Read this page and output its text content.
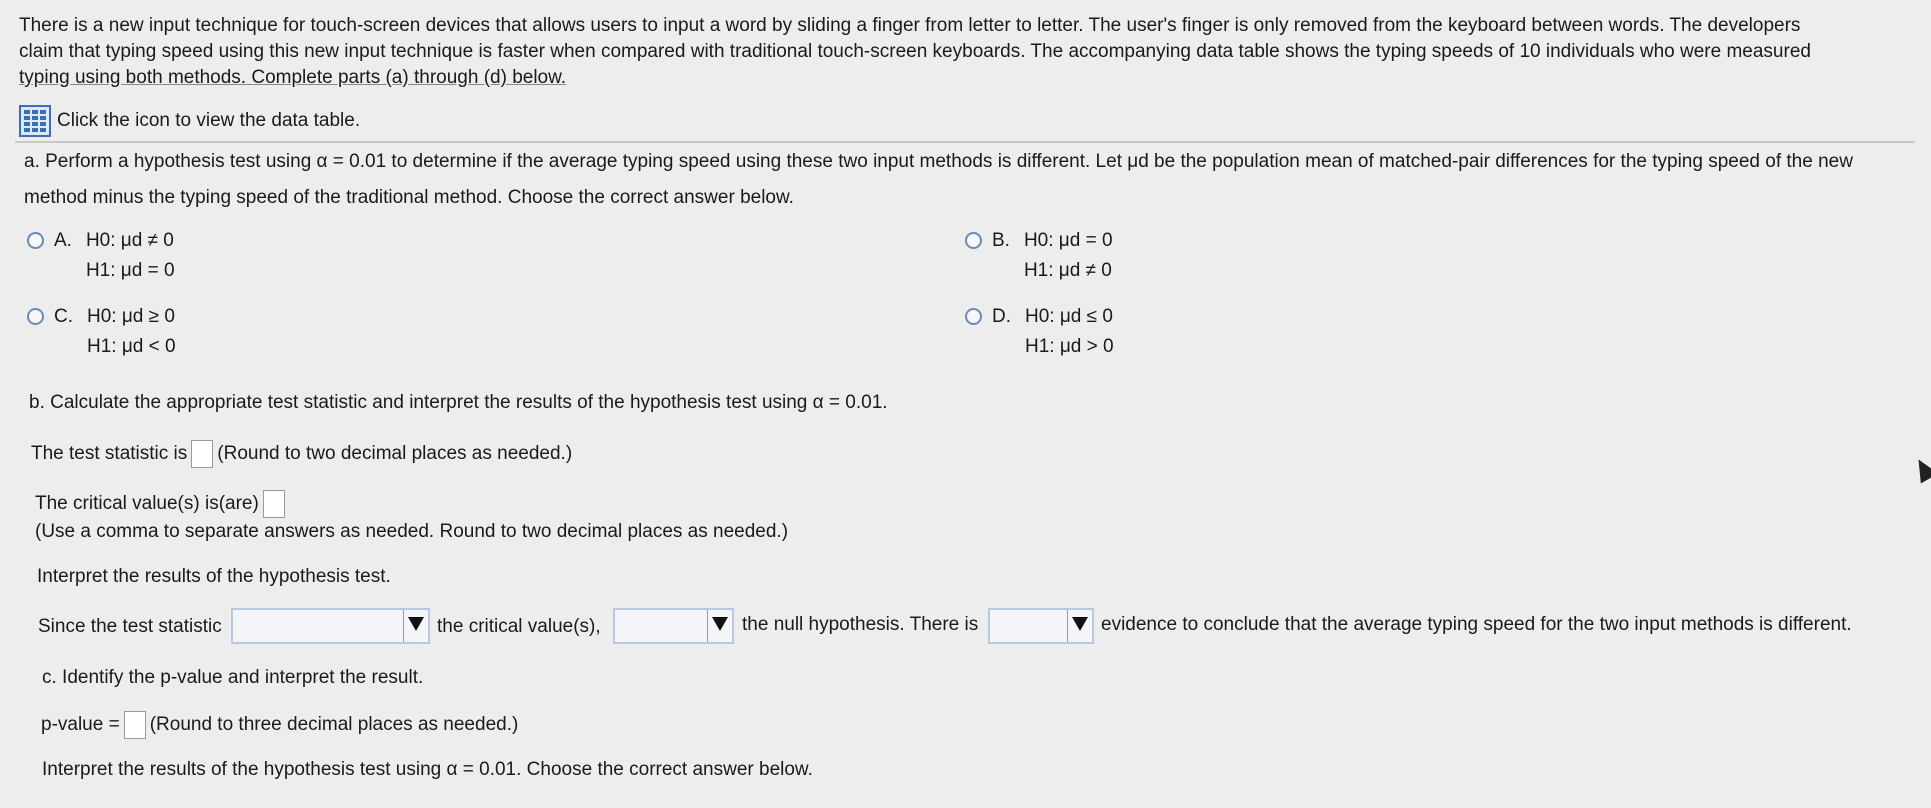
There is a new input technique for touch-screen devices that allows users to input a word by sliding a finger from letter to letter. The user's finger is only removed from the keyboard between words. The developers

claim that typing speed using this new input technique is faster when compared with traditional touch-screen keyboards. The accompanying data table shows the typing speeds of 10 individuals who were measured

typing using both methods. Complete parts (a) through (d) below.

Click the icon to view the data table.
a. Perform a hypothesis test using α = 0.01 to determine if the average typing speed using these two input methods is different. Let μd be the population mean of matched-pair differences for the typing speed of the new
method minus the typing speed of the traditional method. Choose the correct answer below.
A. H0: μd ≠ 0
H1: μd = 0
B. H0: μd = 0
H1: μd ≠ 0
C. H0: μd ≥ 0
H1: μd < 0
D. H0: μd ≤ 0
H1: μd > 0
b. Calculate the appropriate test statistic and interpret the results of the hypothesis test using α = 0.01.
The test statistic is (Round to two decimal places as needed.)
The critical value(s) is(are)
(Use a comma to separate answers as needed. Round to two decimal places as needed.)
Interpret the results of the hypothesis test.
Since the test statistic	the critical value(s),	the null hypothesis. There is	evidence to conclude that the average typing speed for the two input methods is different.
c. Identify the p-value and interpret the result.
p-value = (Round to three decimal places as needed.)
Interpret the results of the hypothesis test using α = 0.01. Choose the correct answer below.
